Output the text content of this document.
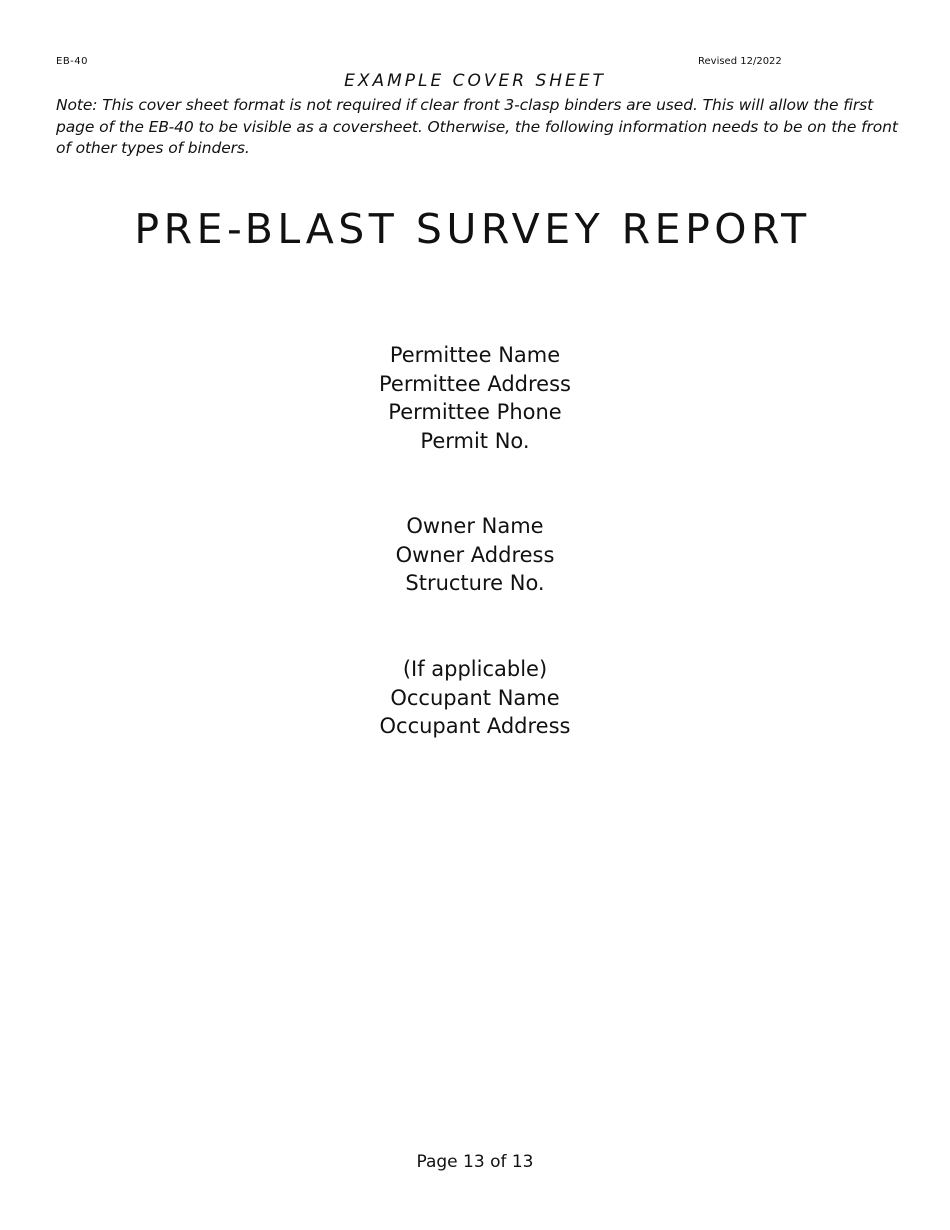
EB-40	Revised 12/2022
EXAMPLE COVER SHEET
Note: This cover sheet format is not required if clear front 3-clasp binders are used. This will allow the first page of the EB-40 to be visible as a coversheet. Otherwise, the following information needs to be on the front of other types of binders.
PRE-BLAST SURVEY REPORT
Permittee Name
Permittee Address
Permittee Phone
Permit No.
Owner Name
Owner Address
Structure No.
(If applicable)
Occupant Name
Occupant Address
Page 13 of 13
